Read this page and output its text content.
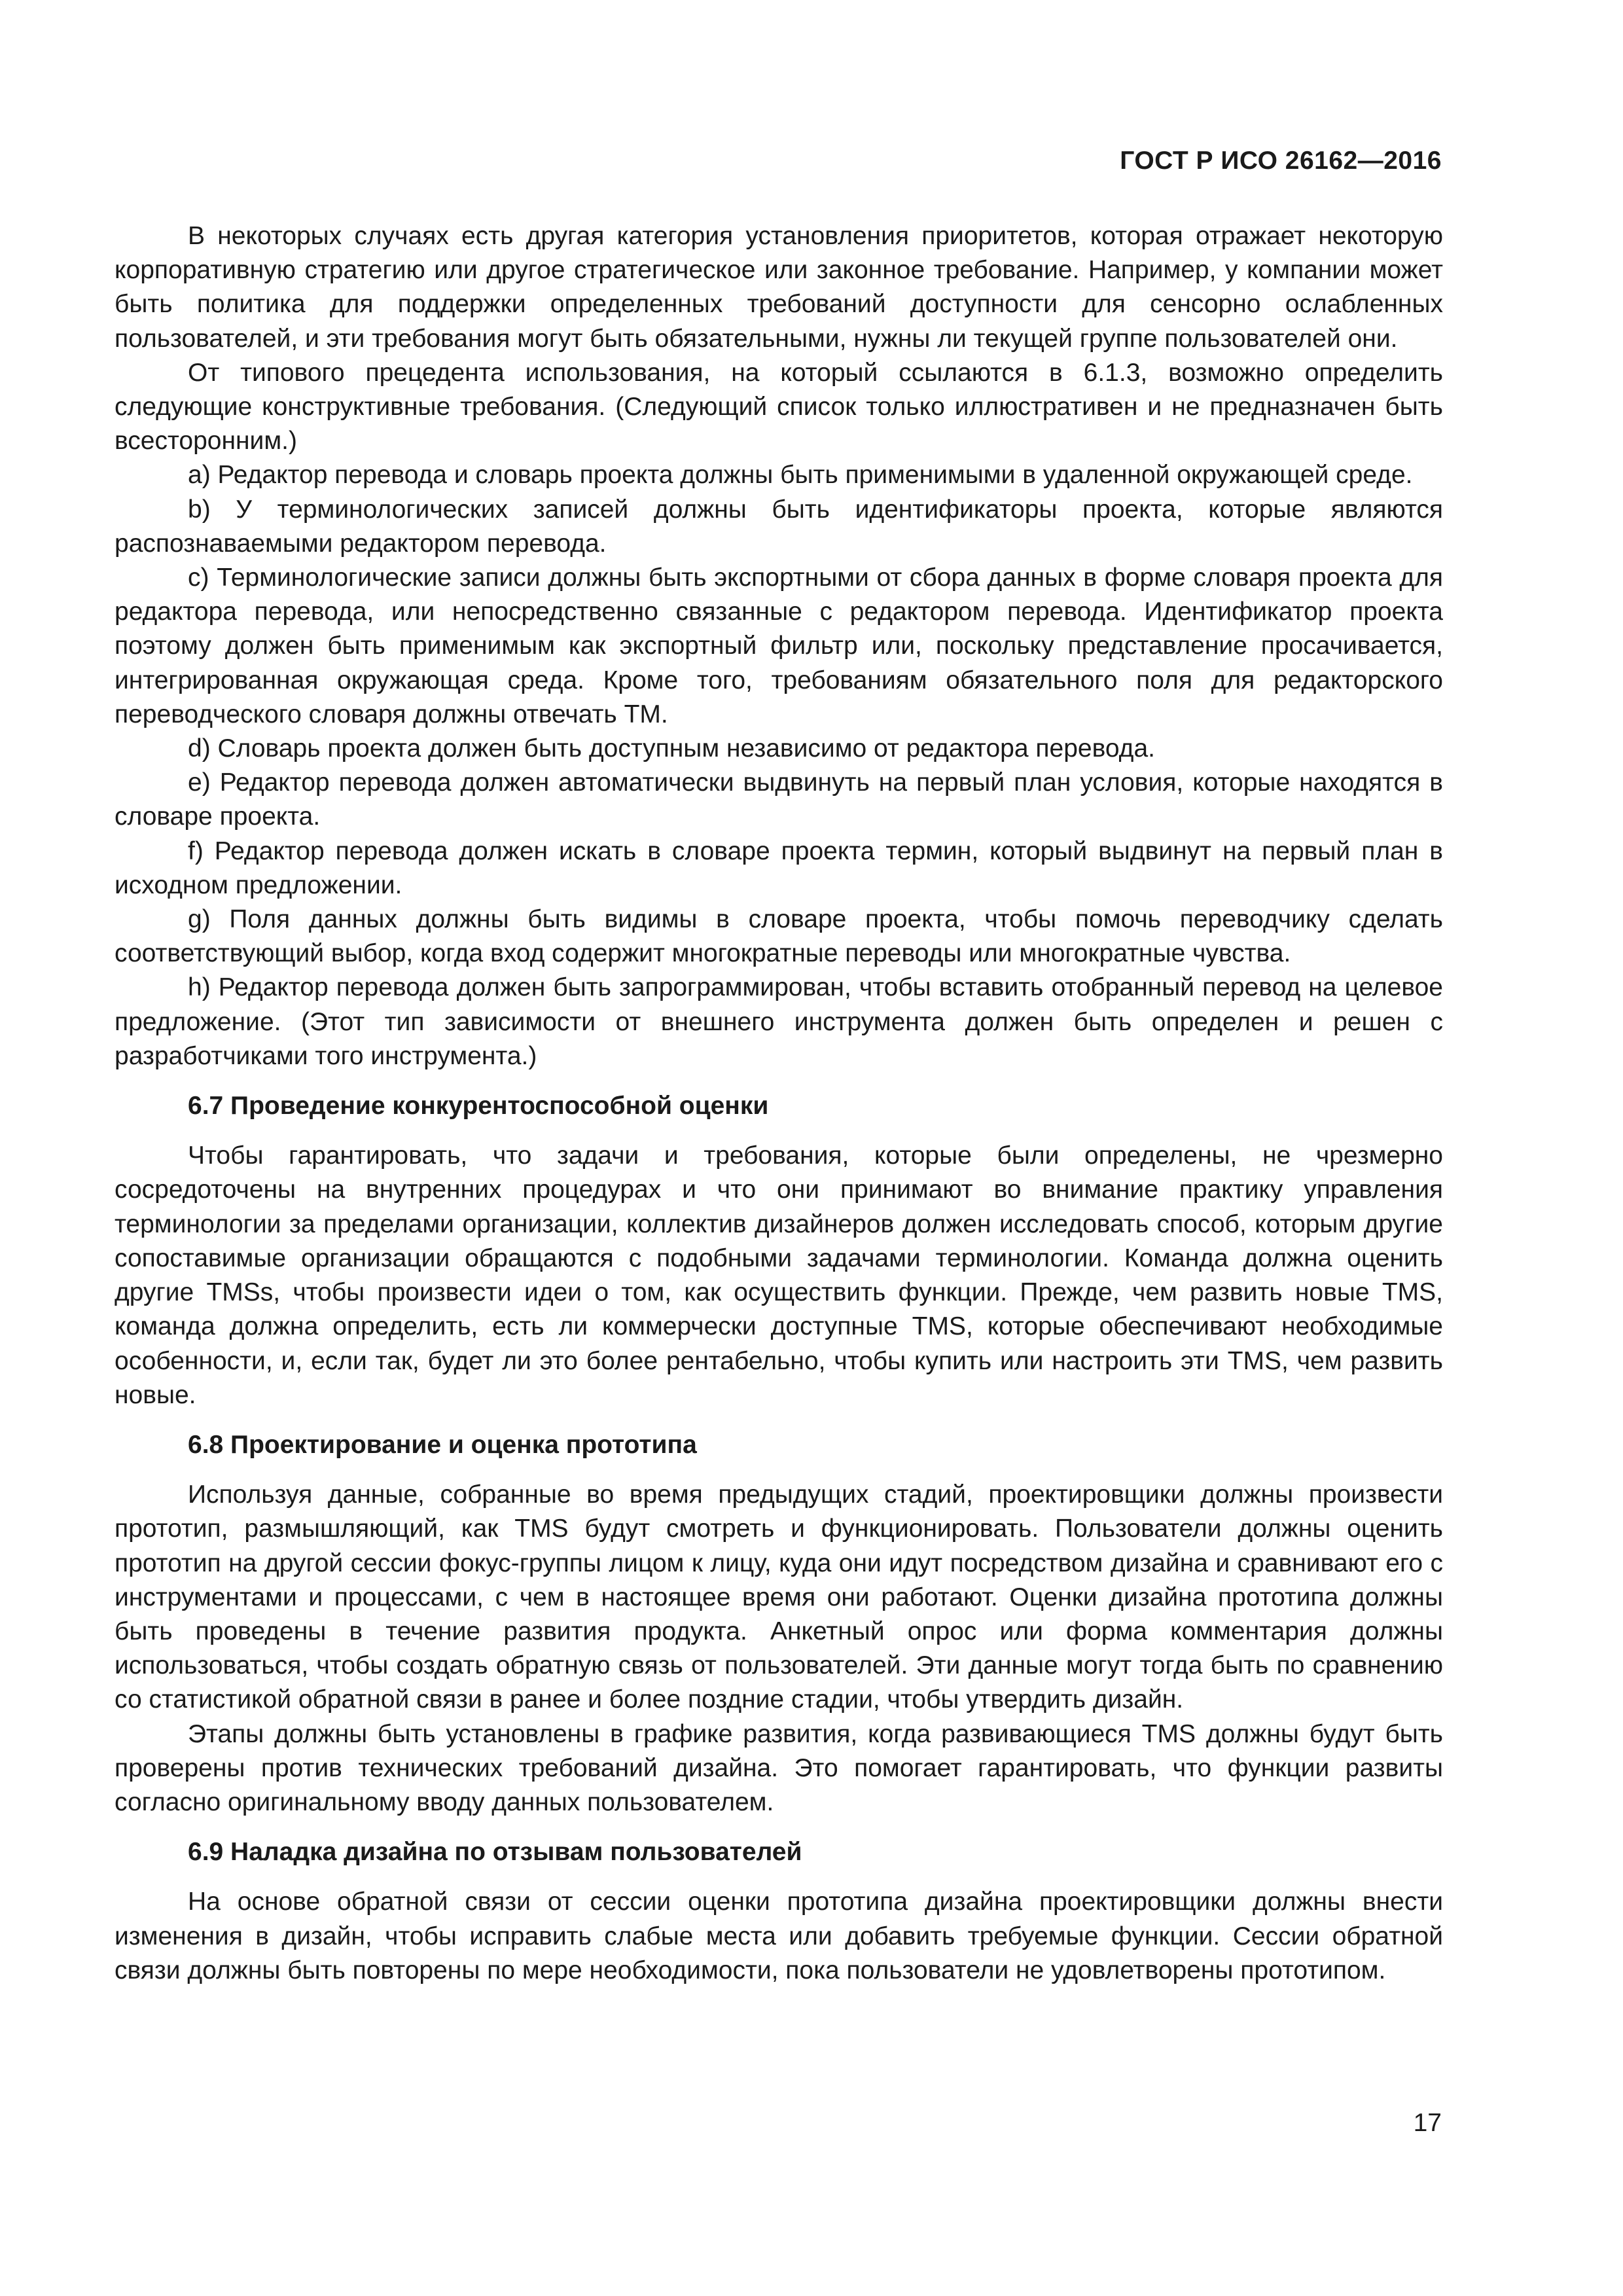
ГОСТ Р ИСО 26162—2016

В некоторых случаях есть другая категория установления приоритетов, которая отражает некоторую корпоративную стратегию или другое стратегическое или законное требование. Например, у компании может быть политика для поддержки определенных требований доступности для сенсорно ослабленных пользователей, и эти требования могут быть обязательными, нужны ли текущей группе пользователей они.

От типового прецедента использования, на который ссылаются в 6.1.3, возможно определить следующие конструктивные требования. (Следующий список только иллюстративен и не предназначен быть всесторонним.)

a) Редактор перевода и словарь проекта должны быть применимыми в удаленной окружающей среде.

b) У терминологических записей должны быть идентификаторы проекта, которые являются распознаваемыми редактором перевода.

c) Терминологические записи должны быть экспортными от сбора данных в форме словаря проекта для редактора перевода, или непосредственно связанные с редактором перевода. Идентификатор проекта поэтому должен быть применимым как экспортный фильтр или, поскольку представление просачивается, интегрированная окружающая среда. Кроме того, требованиям обязательного поля для редакторского переводческого словаря должны отвечать ТМ.

d) Словарь проекта должен быть доступным независимо от редактора перевода.

e) Редактор перевода должен автоматически выдвинуть на первый план условия, которые находятся в словаре проекта.

f) Редактор перевода должен искать в словаре проекта термин, который выдвинут на первый план в исходном предложении.

g) Поля данных должны быть видимы в словаре проекта, чтобы помочь переводчику сделать соответствующий выбор, когда вход содержит многократные переводы или многократные чувства.

h) Редактор перевода должен быть запрограммирован, чтобы вставить отобранный перевод на целевое предложение. (Этот тип зависимости от внешнего инструмента должен быть определен и решен с разработчиками того инструмента.)

6.7 Проведение конкурентоспособной оценки

Чтобы гарантировать, что задачи и требования, которые были определены, не чрезмерно сосредоточены на внутренних процедурах и что они принимают во внимание практику управления терминологии за пределами организации, коллектив дизайнеров должен исследовать способ, которым другие сопоставимые организации обращаются с подобными задачами терминологии. Команда должна оценить другие TMSs, чтобы произвести идеи о том, как осуществить функции. Прежде, чем развить новые TMS, команда должна определить, есть ли коммерчески доступные TMS, которые обеспечивают необходимые особенности, и, если так, будет ли это более рентабельно, чтобы купить или настроить эти TMS, чем развить новые.

6.8 Проектирование и оценка прототипа

Используя данные, собранные во время предыдущих стадий, проектировщики должны произвести прототип, размышляющий, как TMS будут смотреть и функционировать. Пользователи должны оценить прототип на другой сессии фокус-группы лицом к лицу, куда они идут посредством дизайна и сравнивают его с инструментами и процессами, с чем в настоящее время они работают. Оценки дизайна прототипа должны быть проведены в течение развития продукта. Анкетный опрос или форма комментария должны использоваться, чтобы создать обратную связь от пользователей. Эти данные могут тогда быть по сравнению со статистикой обратной связи в ранее и более поздние стадии, чтобы утвердить дизайн.

Этапы должны быть установлены в графике развития, когда развивающиеся TMS должны будут быть проверены против технических требований дизайна. Это помогает гарантировать, что функции развиты согласно оригинальному вводу данных пользователем.

6.9 Наладка дизайна по отзывам пользователей

На основе обратной связи от сессии оценки прототипа дизайна проектировщики должны внести изменения в дизайн, чтобы исправить слабые места или добавить требуемые функции. Сессии обратной связи должны быть повторены по мере необходимости, пока пользователи не удовлетворены прототипом.

17
